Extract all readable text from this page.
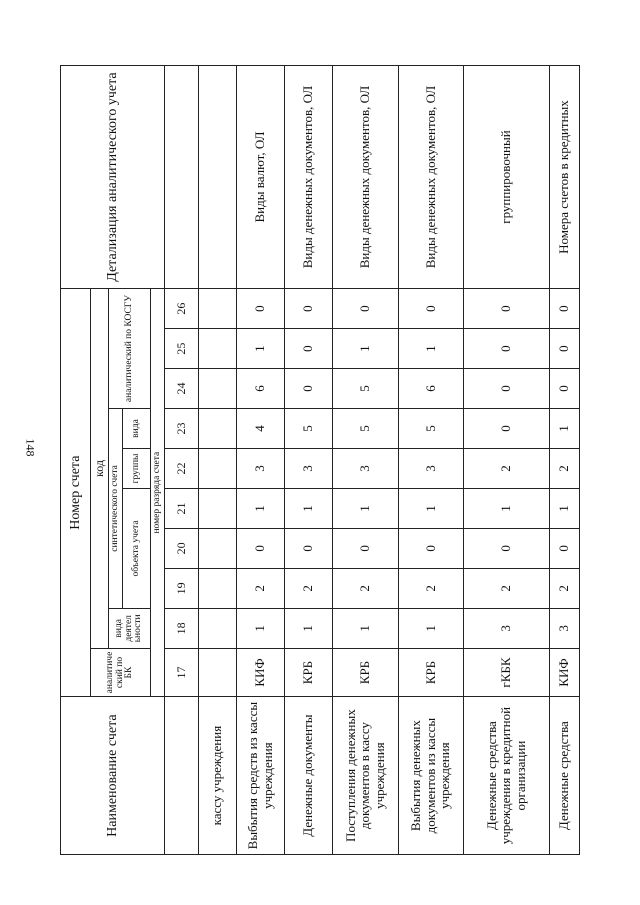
148
Наименование счета	Номер счета										Детализация аналитического учета
	аналитиче ский по БК	код									
		вида деятел ьности	синтетического счета					аналитический по КОСГУ			
			объекта учета			группы	вида				

	номер разряда счета										
	17	18	19	20	21	22	23	24	25	26	
кассу учреждения											
Выбытия средств из кассы учреждения	КИФ	1	2	0	1	3	4	6	1	0	Виды валют, ОЛ
Денежные документы	КРБ	1	2	0	1	3	5	0	0	0	Виды денежных документов, ОЛ
Поступления денежных документов в кассу учреждения	КРБ	1	2	0	1	3	5	5	1	0	Виды денежных документов, ОЛ
Выбытия денежных документов из кассы учреждения	КРБ	1	2	0	1	3	5	6	1	0	Виды денежных документов, ОЛ
Денежные средства учреждения в кредитной организации	гКБК	3	2	0	1	2	0	0	0	0	группировочный
Денежные средства	КИФ	3	2	0	1	2	1	0	0	0	Номера счетов в кредитных
